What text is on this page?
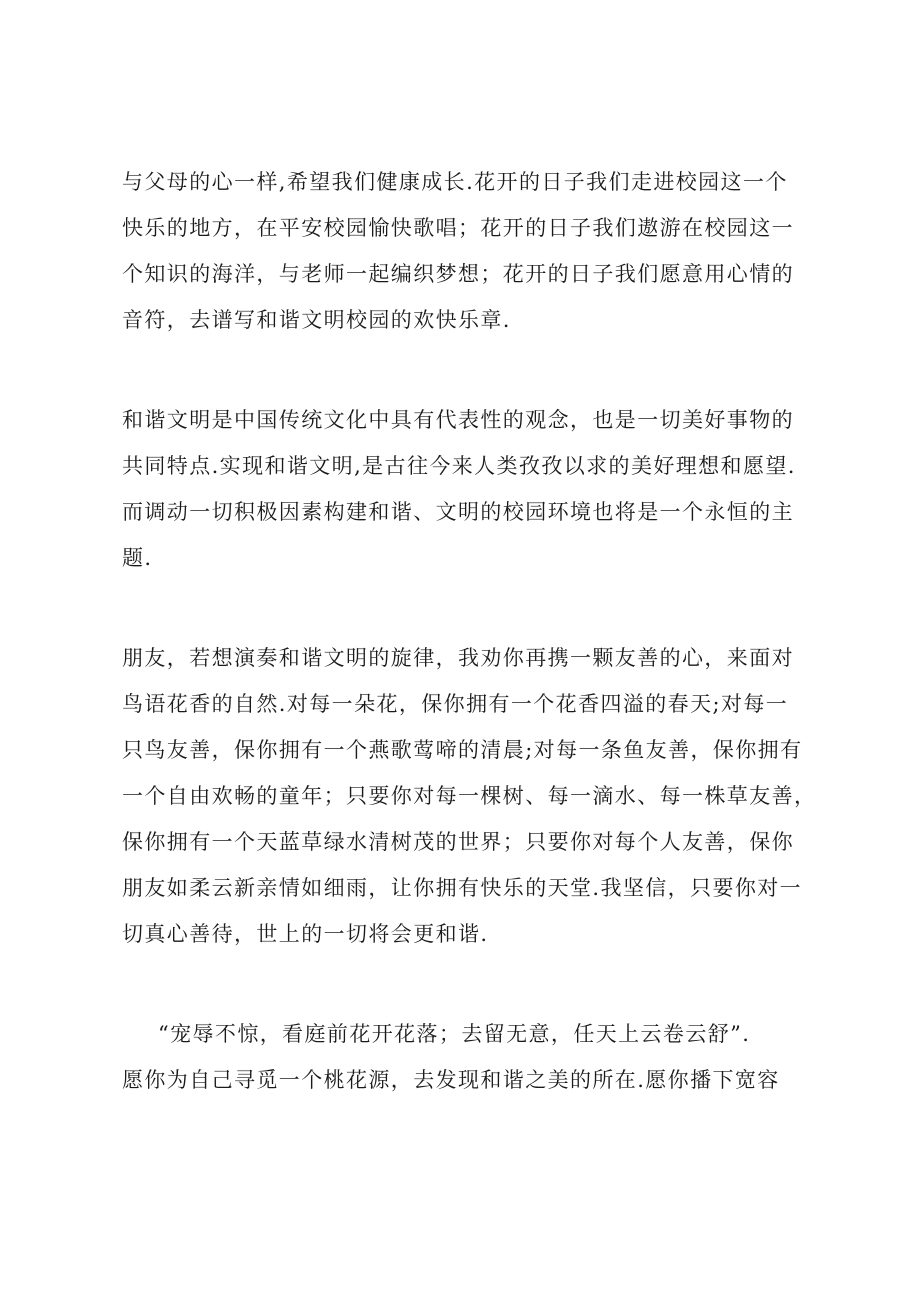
与父母的心一样,希望我们健康成长.花开的日子我们走进校园这一个
快乐的地方，在平安校园愉快歌唱；花开的日子我们遨游在校园这一
个知识的海洋，与老师一起编织梦想；花开的日子我们愿意用心情的
音符，去谱写和谐文明校园的欢快乐章.
和谐文明是中国传统文化中具有代表性的观念，也是一切美好事物的
共同特点.实现和谐文明,是古往今来人类孜孜以求的美好理想和愿望.
而调动一切积极因素构建和谐、文明的校园环境也将是一个永恒的主
题.
朋友，若想演奏和谐文明的旋律，我劝你再携一颗友善的心，来面对
鸟语花香的自然.对每一朵花，保你拥有一个花香四溢的春天;对每一
只鸟友善，保你拥有一个燕歌莺啼的清晨;对每一条鱼友善，保你拥有
一个自由欢畅的童年；只要你对每一棵树、每一滴水、每一株草友善，
保你拥有一个天蓝草绿水清树茂的世界；只要你对每个人友善，保你
朋友如柔云新亲情如细雨，让你拥有快乐的天堂.我坚信，只要你对一
切真心善待，世上的一切将会更和谐.
“宠辱不惊，看庭前花开花落；去留无意，任天上云卷云舒”.
愿你为自己寻觅一个桃花源，去发现和谐之美的所在.愿你播下宽容
